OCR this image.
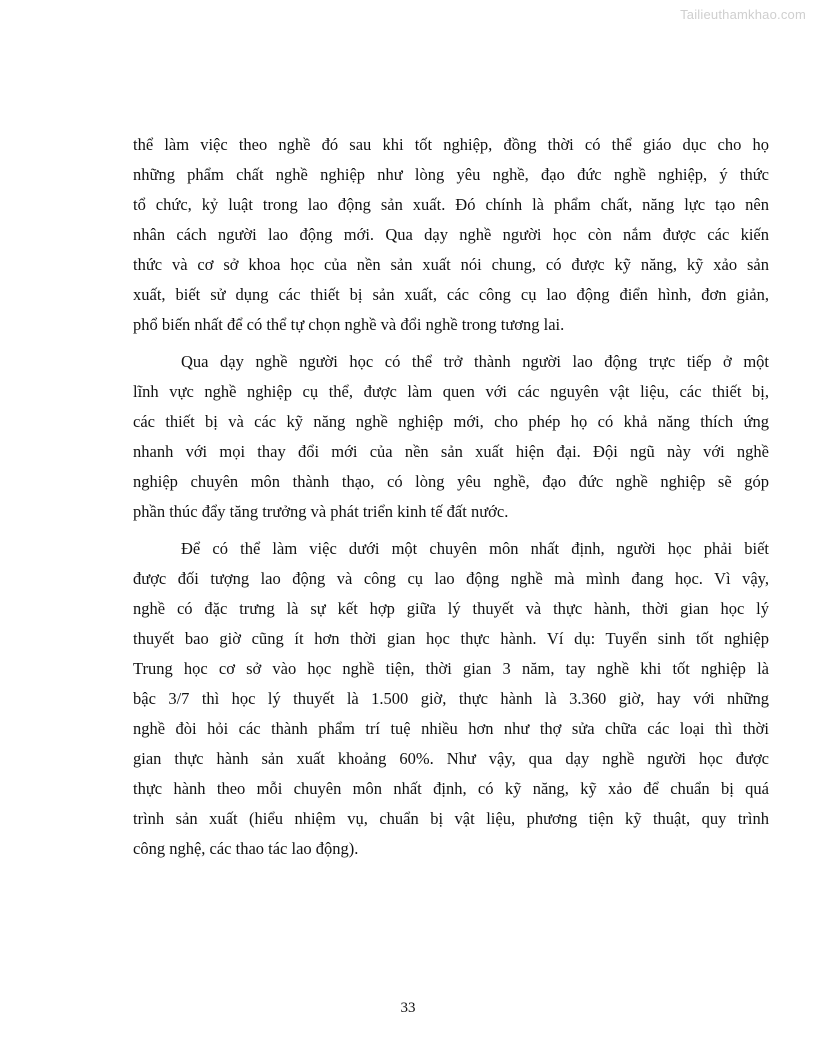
Tailieuthamkhao.com

thể làm việc theo nghề đó sau khi tốt nghiệp, đồng thời có thể giáo dục cho họ
những phẩm chất nghề nghiệp như lòng yêu nghề, đạo đức nghề nghiệp, ý thức
tổ chức, kỷ luật trong lao động sản xuất. Đó chính là phẩm chất, năng lực tạo nên
nhân cách người lao động mới. Qua dạy nghề người học còn nắm được các kiến
thức và cơ sở khoa học của nền sản xuất nói chung, có được kỹ năng, kỹ xảo sản
xuất, biết sử dụng các thiết bị sản xuất, các công cụ lao động điển hình, đơn giản,
phổ biến nhất để có thể tự chọn nghề và đổi nghề trong tương lai.

Qua dạy nghề người học có thể trở thành người lao động trực tiếp ở một
lĩnh vực nghề nghiệp cụ thể, được làm quen với các nguyên vật liệu, các thiết bị,
các thiết bị và các kỹ năng nghề nghiệp mới, cho phép họ có khả năng thích ứng
nhanh với mọi thay đổi mới của nền sản xuất hiện đại. Đội ngũ này với nghề
nghiệp chuyên môn thành thạo, có lòng yêu nghề, đạo đức nghề nghiệp sẽ góp
phần thúc đẩy tăng trưởng và phát triển kinh tế đất nước.

Để có thể làm việc dưới một chuyên môn nhất định, người học phải biết
được đối tượng lao động và công cụ lao động nghề mà mình đang học. Vì vậy,
nghề có đặc trưng là sự kết hợp giữa lý thuyết và thực hành, thời gian học lý
thuyết bao giờ cũng ít hơn thời gian học thực hành. Ví dụ: Tuyển sinh tốt nghiệp
Trung học cơ sở vào học nghề tiện, thời gian 3 năm, tay nghề khi tốt nghiệp là
bậc 3/7 thì học lý thuyết là 1.500 giờ, thực hành là 3.360 giờ, hay với những
nghề đòi hỏi các thành phẩm trí tuệ nhiều hơn như thợ sửa chữa các loại thì thời
gian thực hành sản xuất khoảng 60%. Như vậy, qua dạy nghề người học được
thực hành theo mỗi chuyên môn nhất định, có kỹ năng, kỹ xảo để chuẩn bị quá
trình sản xuất (hiểu nhiệm vụ, chuẩn bị vật liệu, phương tiện kỹ thuật, quy trình
công nghệ, các thao tác lao động).

33
